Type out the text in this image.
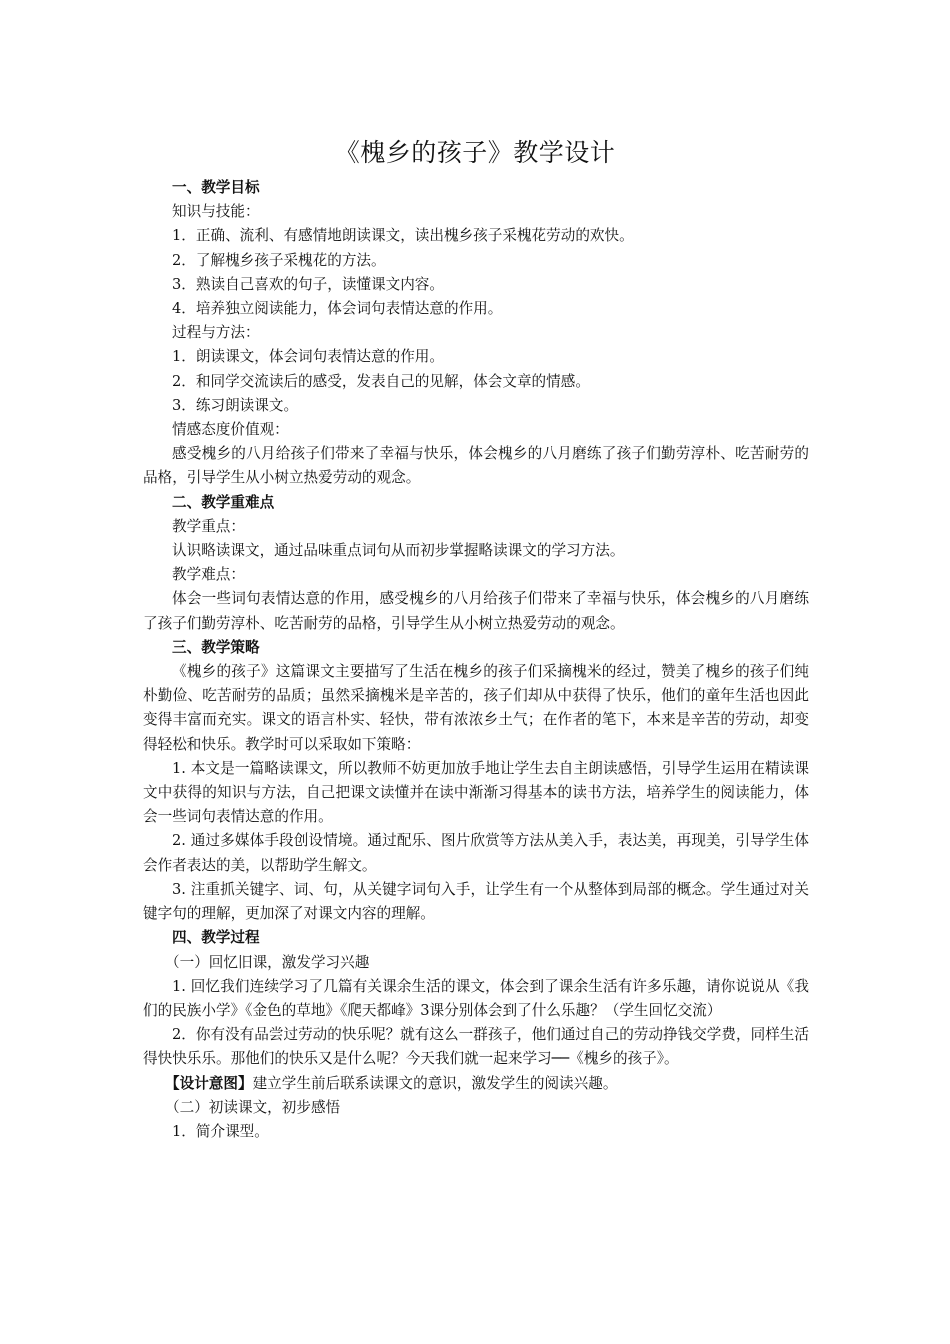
《槐乡的孩子》教学设计

一、教学目标

知识与技能：

1．正确、流利、有感情地朗读课文，读出槐乡孩子采槐花劳动的欢快。

2．了解槐乡孩子采槐花的方法。

3．熟读自己喜欢的句子，读懂课文内容。

4．培养独立阅读能力，体会词句表情达意的作用。

过程与方法：

1．朗读课文，体会词句表情达意的作用。

2．和同学交流读后的感受，发表自己的见解，体会文章的情感。

3．练习朗读课文。

情感态度价值观：

感受槐乡的八月给孩子们带来了幸福与快乐，体会槐乡的八月磨练了孩子们勤劳淳朴、吃苦耐劳的品格，引导学生从小树立热爱劳动的观念。

二、教学重难点

教学重点：

认识略读课文，通过品味重点词句从而初步掌握略读课文的学习方法。

教学难点：

体会一些词句表情达意的作用，感受槐乡的八月给孩子们带来了幸福与快乐，体会槐乡的八月磨练了孩子们勤劳淳朴、吃苦耐劳的品格，引导学生从小树立热爱劳动的观念。

三、教学策略

《槐乡的孩子》这篇课文主要描写了生活在槐乡的孩子们采摘槐米的经过，赞美了槐乡的孩子们纯朴勤俭、吃苦耐劳的品质；虽然采摘槐米是辛苦的，孩子们却从中获得了快乐，他们的童年生活也因此变得丰富而充实。课文的语言朴实、轻快，带有浓浓乡土气；在作者的笔下，本来是辛苦的劳动，却变得轻松和快乐。教学时可以采取如下策略：

1. 本文是一篇略读课文，所以教师不妨更加放手地让学生去自主朗读感悟，引导学生运用在精读课文中获得的知识与方法，自己把课文读懂并在读中渐渐习得基本的读书方法，培养学生的阅读能力，体会一些词句表情达意的作用。

2. 通过多媒体手段创设情境。通过配乐、图片欣赏等方法从美入手，表达美，再现美，引导学生体会作者表达的美，以帮助学生解文。

3. 注重抓关键字、词、句，从关键字词句入手，让学生有一个从整体到局部的概念。学生通过对关键字句的理解，更加深了对课文内容的理解。

四、教学过程

（一）回忆旧课，激发学习兴趣

1. 回忆我们连续学习了几篇有关课余生活的课文，体会到了课余生活有许多乐趣，请你说说从《我们的民族小学》《金色的草地》《爬天都峰》3课分别体会到了什么乐趣？（学生回忆交流）

2．你有没有品尝过劳动的快乐呢？就有这么一群孩子，他们通过自己的劳动挣钱交学费，同样生活得快快乐乐。那他们的快乐又是什么呢？今天我们就一起来学习──《槐乡的孩子》。

【设计意图】建立学生前后联系读课文的意识，激发学生的阅读兴趣。

（二）初读课文，初步感悟

1．简介课型。
